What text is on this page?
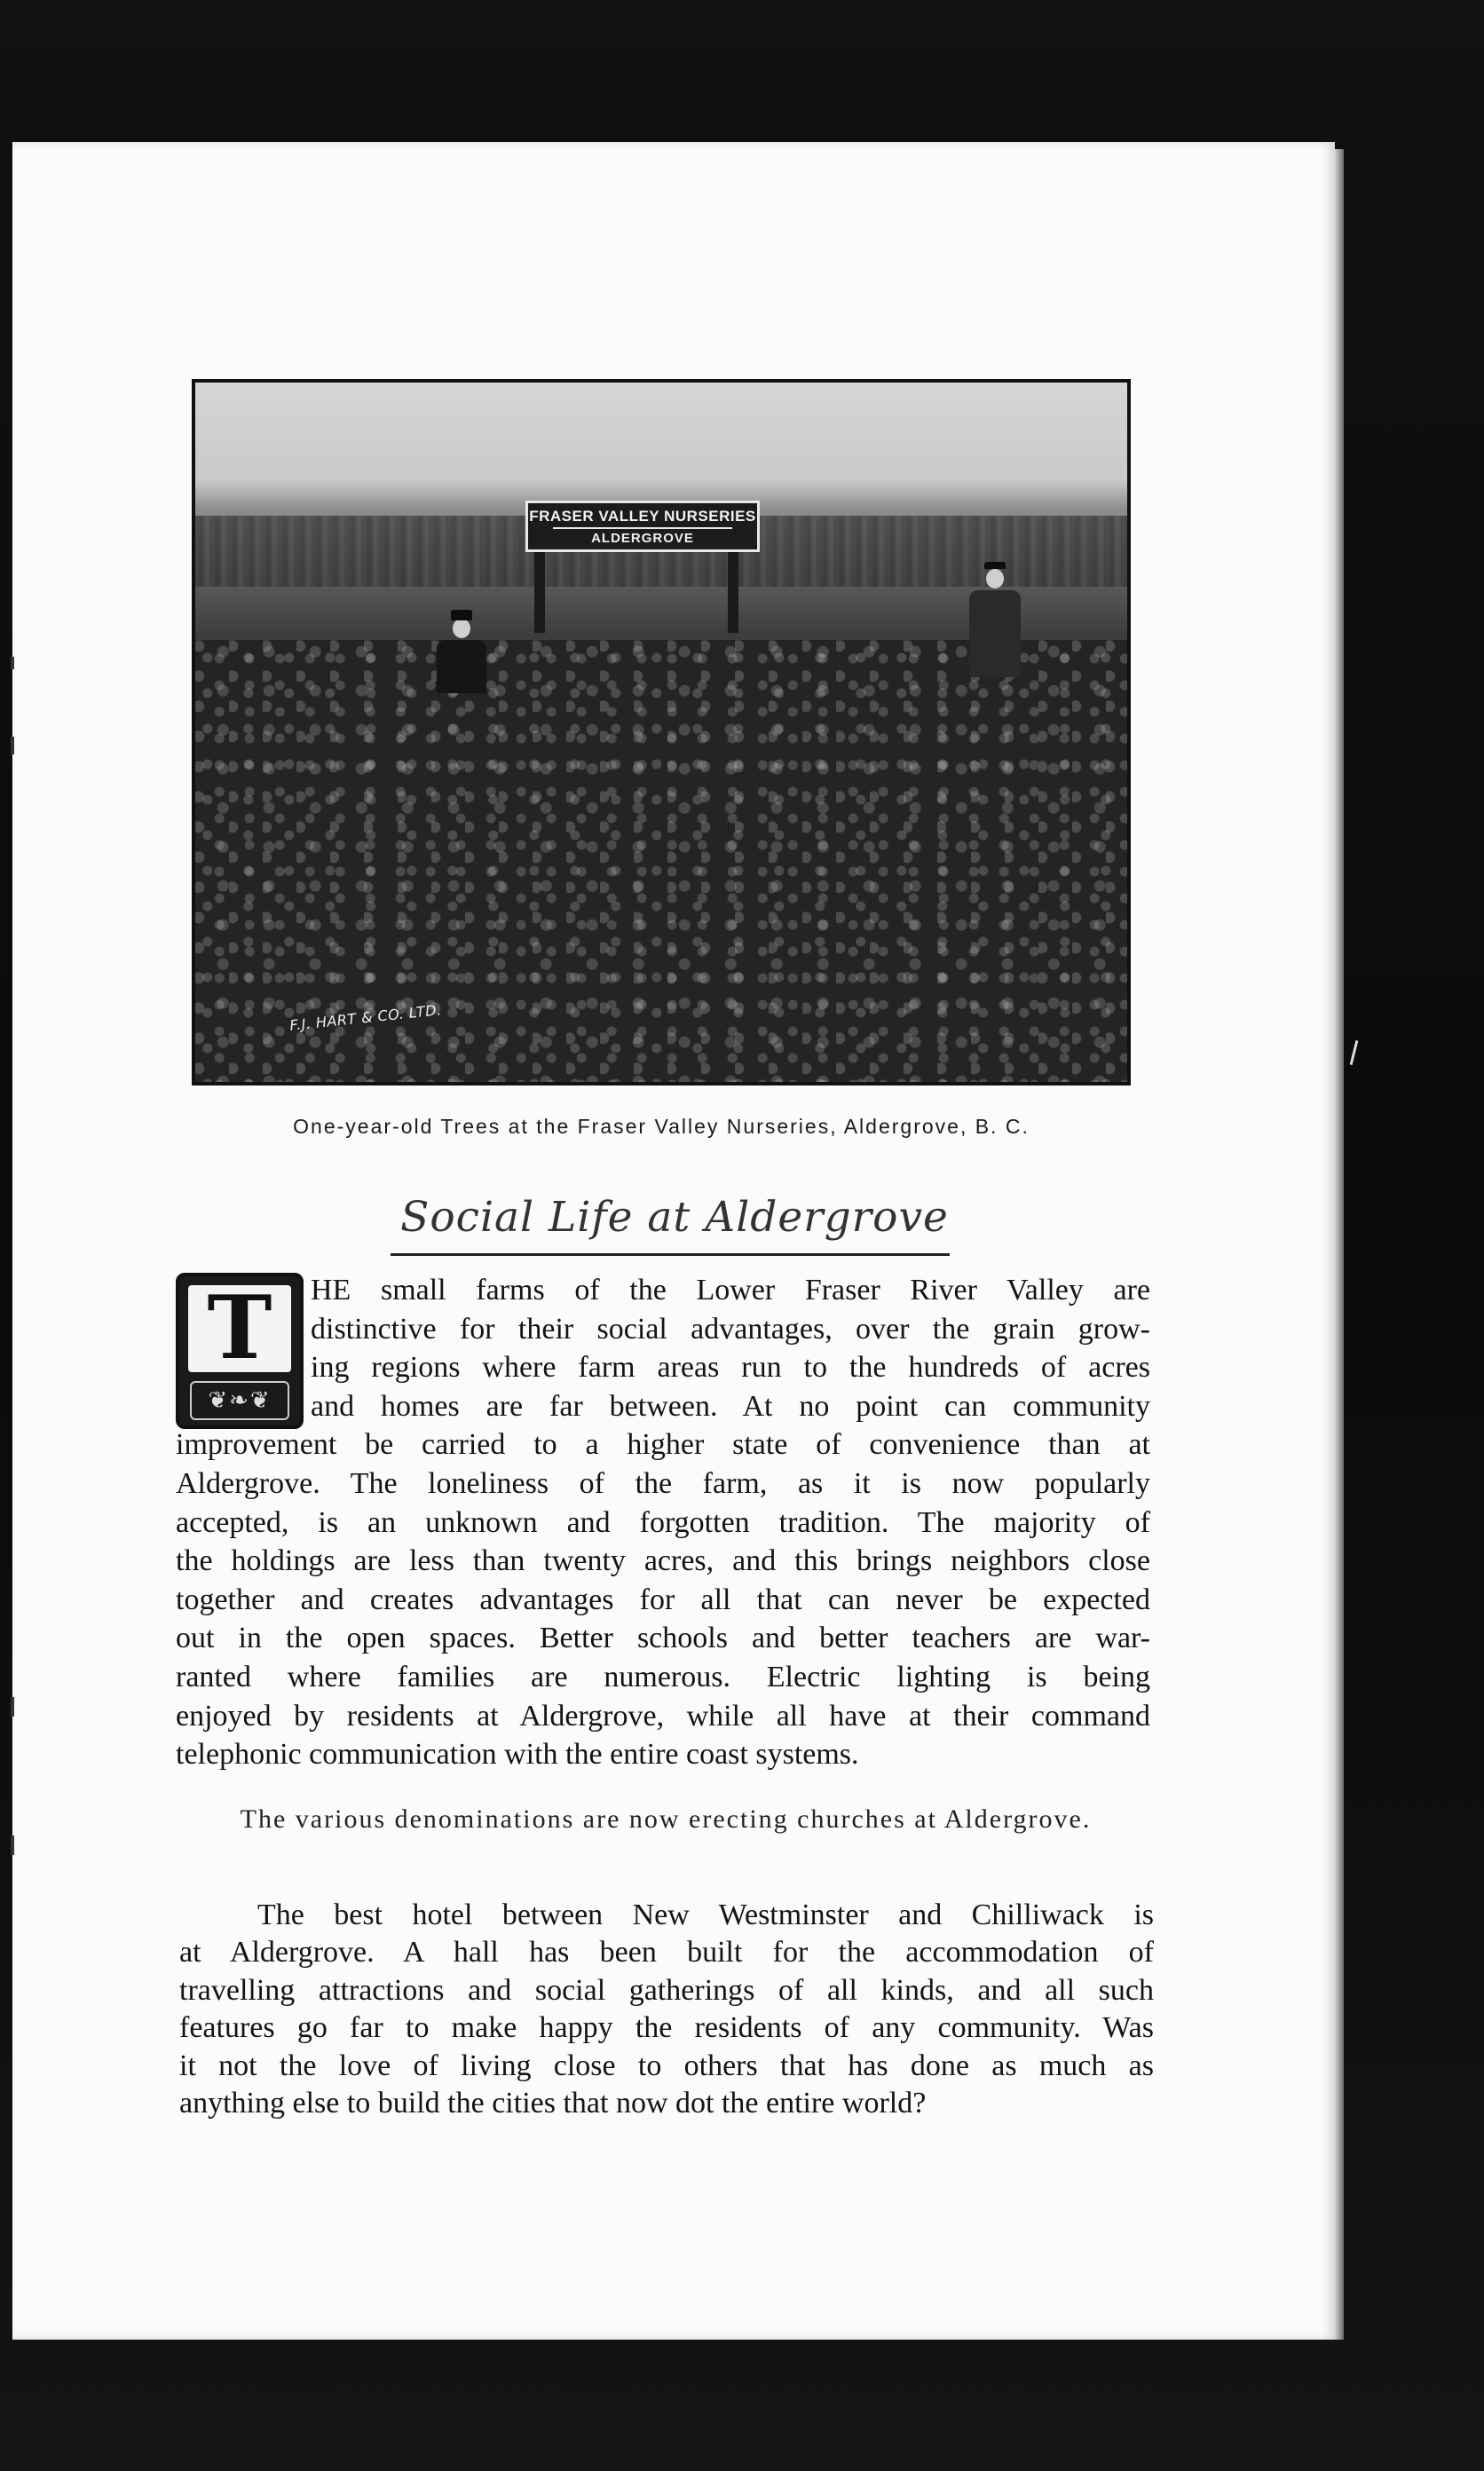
FRASER VALLEY NURSERIES
ALDERGROVE
F.J. HART & CO. LTD.
One-year-old Trees at the Fraser Valley Nurseries, Aldergrove, B. C.
Social Life at Aldergrove
T
❦❧❦
HE small farms of the Lower Fraser River Valley are
distinctive for their social advantages, over the grain grow-
ing regions where farm areas run to the hundreds of acres
and homes are far between. At no point can community
improvement be carried to a higher state of convenience than at
Aldergrove. The loneliness of the farm, as it is now popularly
accepted, is an unknown and forgotten tradition. The majority of
the holdings are less than twenty acres, and this brings neighbors close
together and creates advantages for all that can never be expected
out in the open spaces. Better schools and better teachers are war-
ranted where families are numerous. Electric lighting is being
enjoyed by residents at Aldergrove, while all have at their command
telephonic communication with the entire coast systems.
The various denominations are now erecting churches at Aldergrove.
The best hotel between New Westminster and Chilliwack is
at Aldergrove. A hall has been built for the accommodation of
travelling attractions and social gatherings of all kinds, and all such
features go far to make happy the residents of any community. Was
it not the love of living close to others that has done as much as
anything else to build the cities that now dot the entire world?
